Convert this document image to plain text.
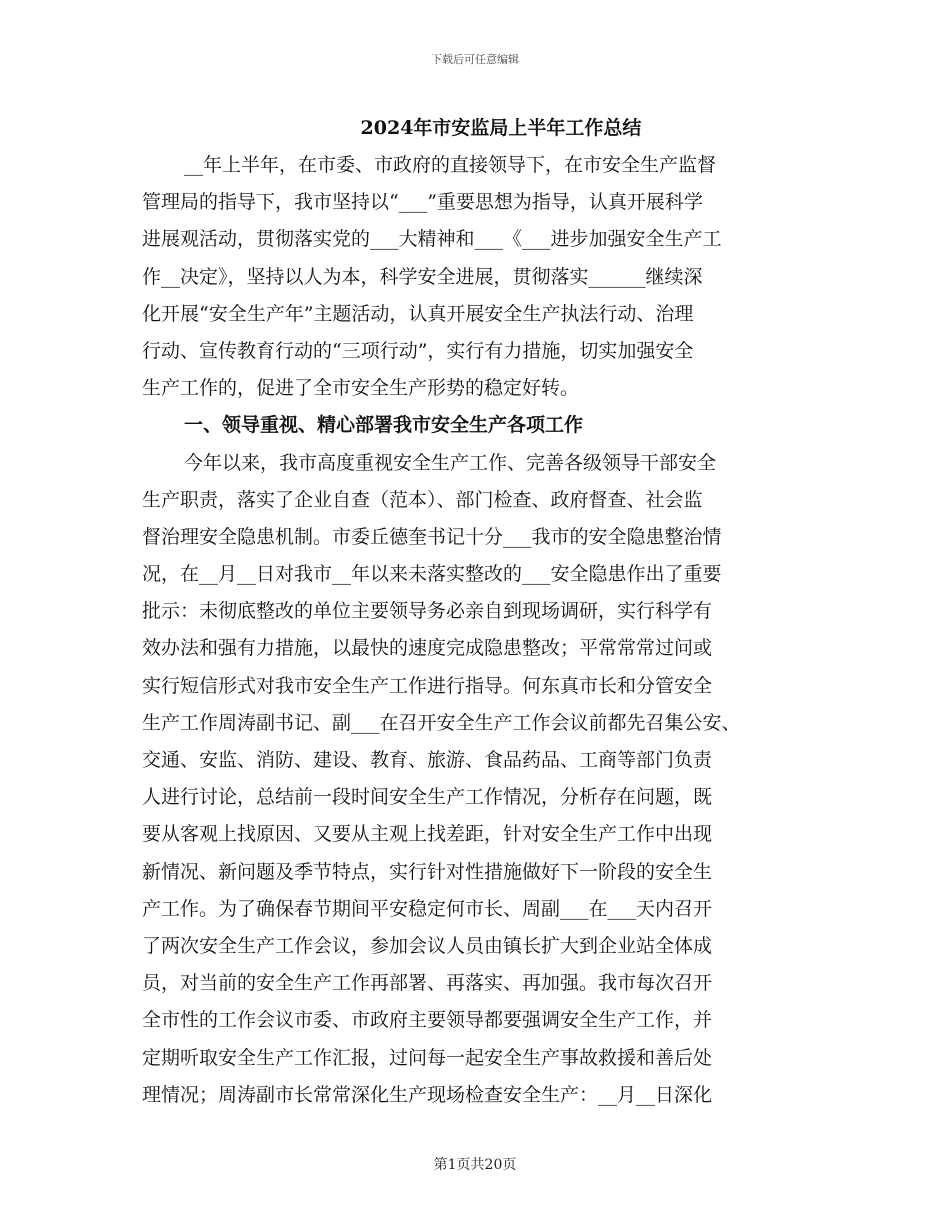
下载后可任意编辑
2024年市安监局上半年工作总结
__年上半年，在市委、市政府的直接领导下，在市安全生产监督
管理局的指导下，我市坚持以“___”重要思想为指导，认真开展科学
进展观活动，贯彻落实党的___大精神和___《___进步加强安全生产工
作__决定》，坚持以人为本，科学安全进展，贯彻落实______继续深
化开展“安全生产年”主题活动，认真开展安全生产执法行动、治理
行动、宣传教育行动的“三项行动”，实行有力措施，切实加强安全
生产工作的，促进了全市安全生产形势的稳定好转。
一、领导重视、精心部署我市安全生产各项工作
今年以来，我市高度重视安全生产工作、完善各级领导干部安全
生产职责，落实了企业自查（范本）、部门检查、政府督查、社会监
督治理安全隐患机制。市委丘德奎书记十分___我市的安全隐患整治情
况，在__月__日对我市__年以来未落实整改的___安全隐患作出了重要
批示：未彻底整改的单位主要领导务必亲自到现场调研，实行科学有
效办法和强有力措施，以最快的速度完成隐患整改；平常常常过问或
实行短信形式对我市安全生产工作进行指导。何东真市长和分管安全
生产工作周涛副书记、副___在召开安全生产工作会议前都先召集公安、
交通、安监、消防、建设、教育、旅游、食品药品、工商等部门负责
人进行讨论，总结前一段时间安全生产工作情况，分析存在问题，既
要从客观上找原因、又要从主观上找差距，针对安全生产工作中出现
新情况、新问题及季节特点，实行针对性措施做好下一阶段的安全生
产工作。为了确保春节期间平安稳定何市长、周副___在___天内召开
了两次安全生产工作会议，参加会议人员由镇长扩大到企业站全体成
员，对当前的安全生产工作再部署、再落实、再加强。我市每次召开
全市性的工作会议市委、市政府主要领导都要强调安全生产工作，并
定期听取安全生产工作汇报，过问每一起安全生产事故救援和善后处
理情况；周涛副市长常常深化生产现场检查安全生产：__月__日深化
第1页共20页
